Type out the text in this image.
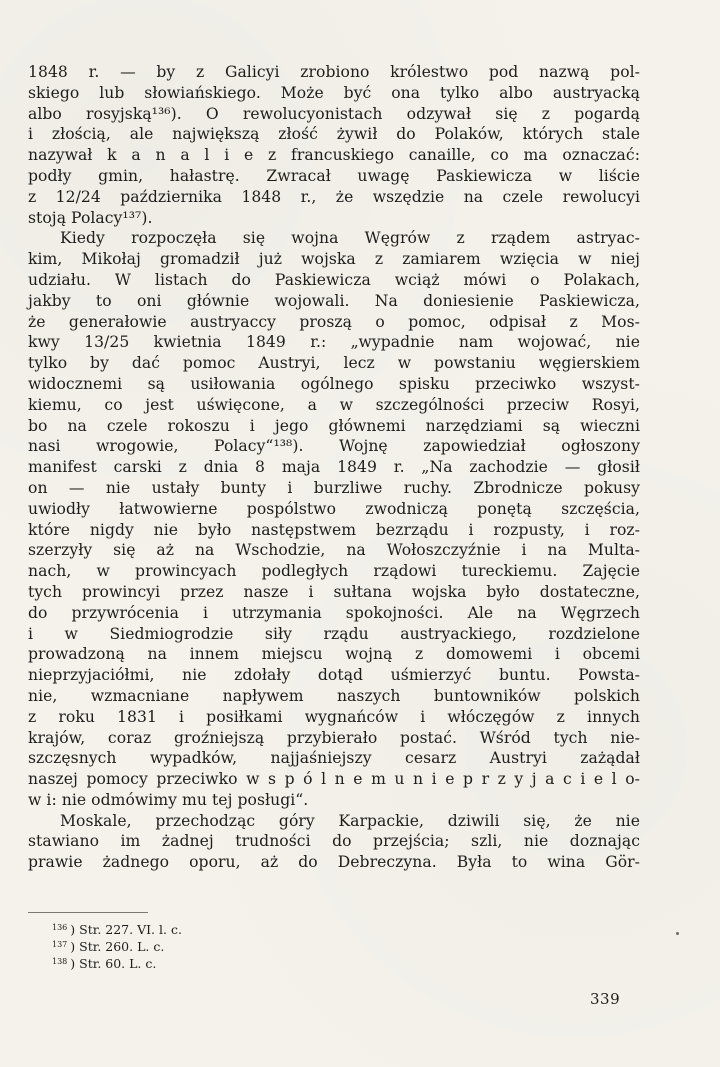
1848 r. — by z Galicyi zrobiono królestwo pod nazwą pol-
skiego lub słowiańskiego. Może być ona tylko albo austryacką
albo rosyjską¹³⁶). O rewolucyonistach odzywał się z pogardą
i złością, ale największą złość żywił do Polaków, których stale
nazywał k a n a l i e z francuskiego canaille, co ma oznaczać:
podły gmin, hałastrę. Zwracał uwagę Paskiewicza w liście
z 12/24 października 1848 r., że wszędzie na czele rewolucyi
stoją Polacy¹³⁷).
Kiedy rozpoczęła się wojna Węgrów z rządem astryac-
kim, Mikołaj gromadził już wojska z zamiarem wzięcia w niej
udziału. W listach do Paskiewicza wciąż mówi o Polakach,
jakby to oni głównie wojowali. Na doniesienie Paskiewicza,
że generałowie austryaccy proszą o pomoc, odpisał z Mos-
kwy 13/25 kwietnia 1849 r.: „wypadnie nam wojować, nie
tylko by dać pomoc Austryi, lecz w powstaniu węgierskiem
widocznemi są usiłowania ogólnego spisku przeciwko wszyst-
kiemu, co jest uświęcone, a w szczególności przeciw Rosyi,
bo na czele rokoszu i jego głównemi narzędziami są wieczni
nasi wrogowie, Polacy“¹³⁸). Wojnę zapowiedział ogłoszony
manifest carski z dnia 8 maja 1849 r. „Na zachodzie — głosił
on — nie ustały bunty i burzliwe ruchy. Zbrodnicze pokusy
uwiodły łatwowierne pospólstwo zwodniczą ponętą szczęścia,
które nigdy nie było następstwem bezrządu i rozpusty, i roz-
szerzyły się aż na Wschodzie, na Wołoszczyźnie i na Multa-
nach, w prowincyach podległych rządowi tureckiemu. Zajęcie
tych prowincyi przez nasze i sułtana wojska było dostateczne,
do przywrócenia i utrzymania spokojności. Ale na Węgrzech
i w Siedmiogrodzie siły rządu austryackiego, rozdzielone
prowadzoną na innem miejscu wojną z domowemi i obcemi
nieprzyjaciółmi, nie zdołały dotąd uśmierzyć buntu. Powsta-
nie, wzmacniane napływem naszych buntowników polskich
z roku 1831 i posiłkami wygnańców i włóczęgów z innych
krajów, coraz groźniejszą przybierało postać. Wśród tych nie-
szczęsnych wypadków, najjaśniejszy cesarz Austryi zażądał
naszej pomocy przeciwko w s p ó l n e m u n i e p r z y j a c i e l o-
w i: nie odmówimy mu tej posługi“.
Moskale, przechodząc góry Karpackie, dziwili się, że nie
stawiano im żadnej trudności do przejścia; szli, nie doznając
prawie żadnego oporu, aż do Debreczyna. Była to wina Gör-
$^{136}$ ) Str. 227. VI. l. c.
$^{137}$ ) Str. 260. L. c.
$^{138}$ ) Str. 60. L. c.
339
